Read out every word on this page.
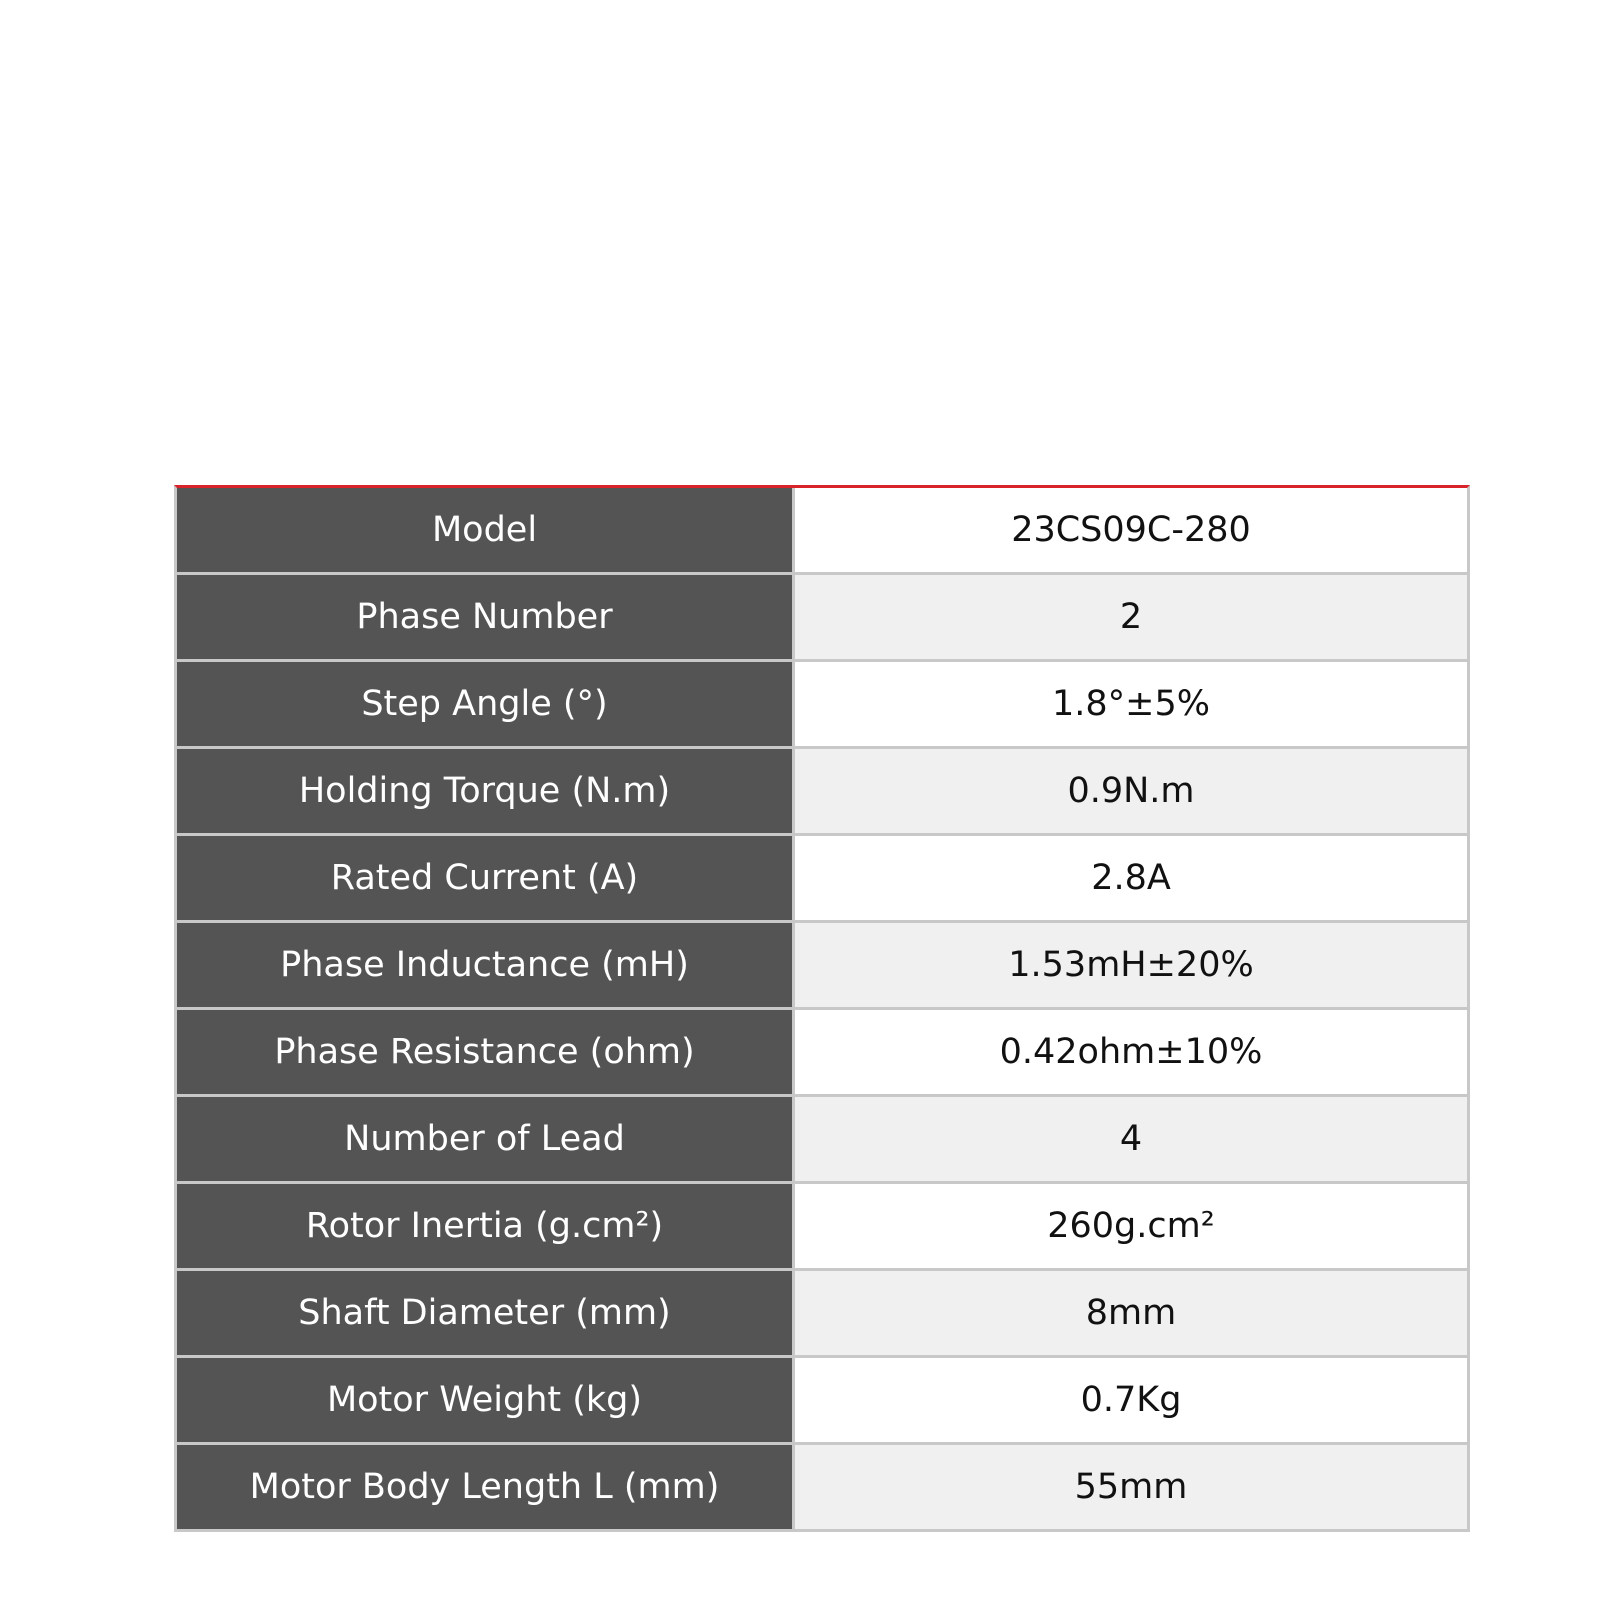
Model	23CS09C-280
Phase Number	2
Step Angle (°)	1.8°±5%
Holding Torque (N.m)	0.9N.m
Rated Current (A)	2.8A
Phase Inductance (mH)	1.53mH±20%
Phase Resistance (ohm)	0.42ohm±10%
Number of Lead	4
Rotor Inertia (g.cm²)	260g.cm²
Shaft Diameter (mm)	8mm
Motor Weight (kg)	0.7Kg
Motor Body Length L (mm)	55mm
